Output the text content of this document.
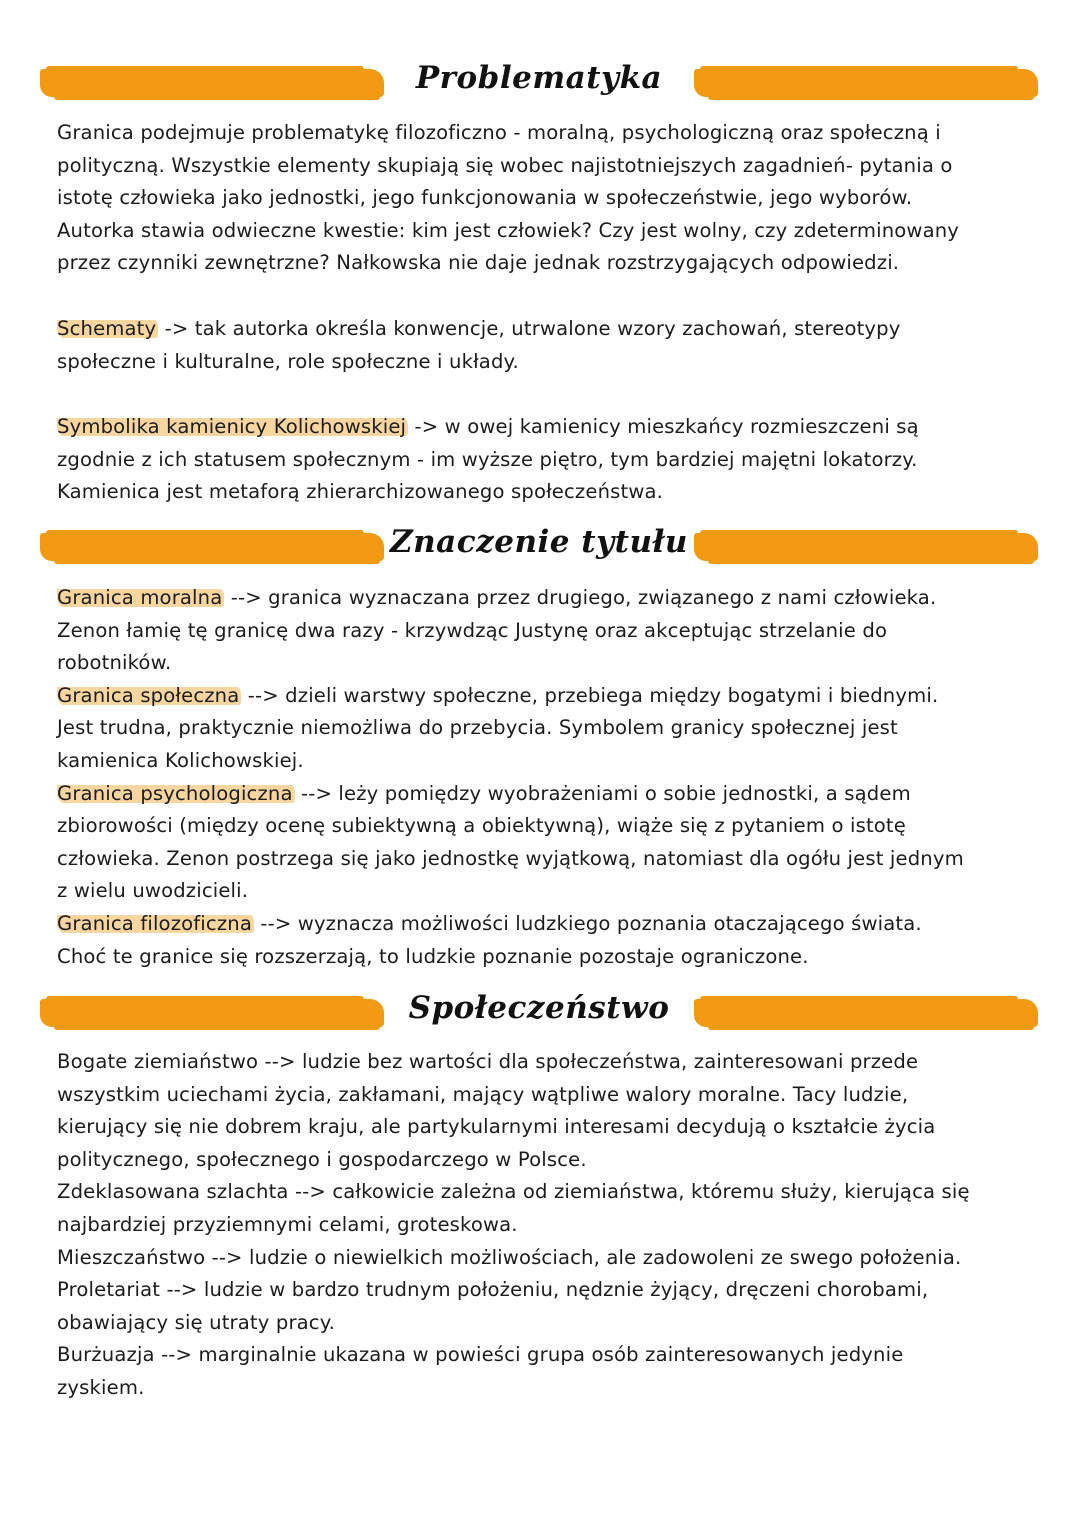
Problematyka

Granica podejmuje problematykę filozoficzno - moralną, psychologiczną oraz społeczną i

polityczną. Wszystkie elementy skupiają się wobec najistotniejszych zagadnień- pytania o

istotę człowieka jako jednostki, jego funkcjonowania w społeczeństwie, jego wyborów.

Autorka stawia odwieczne kwestie: kim jest człowiek? Czy jest wolny, czy zdeterminowany

przez czynniki zewnętrzne? Nałkowska nie daje jednak rozstrzygających odpowiedzi.

Schematy -> tak autorka określa konwencje, utrwalone wzory zachowań, stereotypy

społeczne i kulturalne, role społeczne i układy.

Symbolika kamienicy Kolichowskiej -> w owej kamienicy mieszkańcy rozmieszczeni są

zgodnie z ich statusem społecznym - im wyższe piętro, tym bardziej majętni lokatorzy.

Kamienica jest metaforą zhierarchizowanego społeczeństwa.

Znaczenie tytułu

Granica moralna --> granica wyznaczana przez drugiego, związanego z nami człowieka.

Zenon łamię tę granicę dwa razy - krzywdząc Justynę oraz akceptując strzelanie do

robotników.

Granica społeczna --> dzieli warstwy społeczne, przebiega między bogatymi i biednymi.

Jest trudna, praktycznie niemożliwa do przebycia. Symbolem granicy społecznej jest

kamienica Kolichowskiej.

Granica psychologiczna --> leży pomiędzy wyobrażeniami o sobie jednostki, a sądem

zbiorowości (między ocenę subiektywną a obiektywną), wiąże się z pytaniem o istotę

człowieka. Zenon postrzega się jako jednostkę wyjątkową, natomiast dla ogółu jest jednym

z wielu uwodzicieli.

Granica filozoficzna --> wyznacza możliwości ludzkiego poznania otaczającego świata.

Choć te granice się rozszerzają, to ludzkie poznanie pozostaje ograniczone.

Społeczeństwo

Bogate ziemiaństwo --> ludzie bez wartości dla społeczeństwa, zainteresowani przede

wszystkim uciechami życia, zakłamani, mający wątpliwe walory moralne. Tacy ludzie,

kierujący się nie dobrem kraju, ale partykularnymi interesami decydują o kształcie życia

politycznego, społecznego i gospodarczego w Polsce.

Zdeklasowana szlachta --> całkowicie zależna od ziemiaństwa, któremu służy, kierująca się

najbardziej przyziemnymi celami, groteskowa.

Mieszczaństwo --> ludzie o niewielkich możliwościach, ale zadowoleni ze swego położenia.

Proletariat --> ludzie w bardzo trudnym położeniu, nędznie żyjący, dręczeni chorobami,

obawiający się utraty pracy.

Burżuazja --> marginalnie ukazana w powieści grupa osób zainteresowanych jedynie

zyskiem.
